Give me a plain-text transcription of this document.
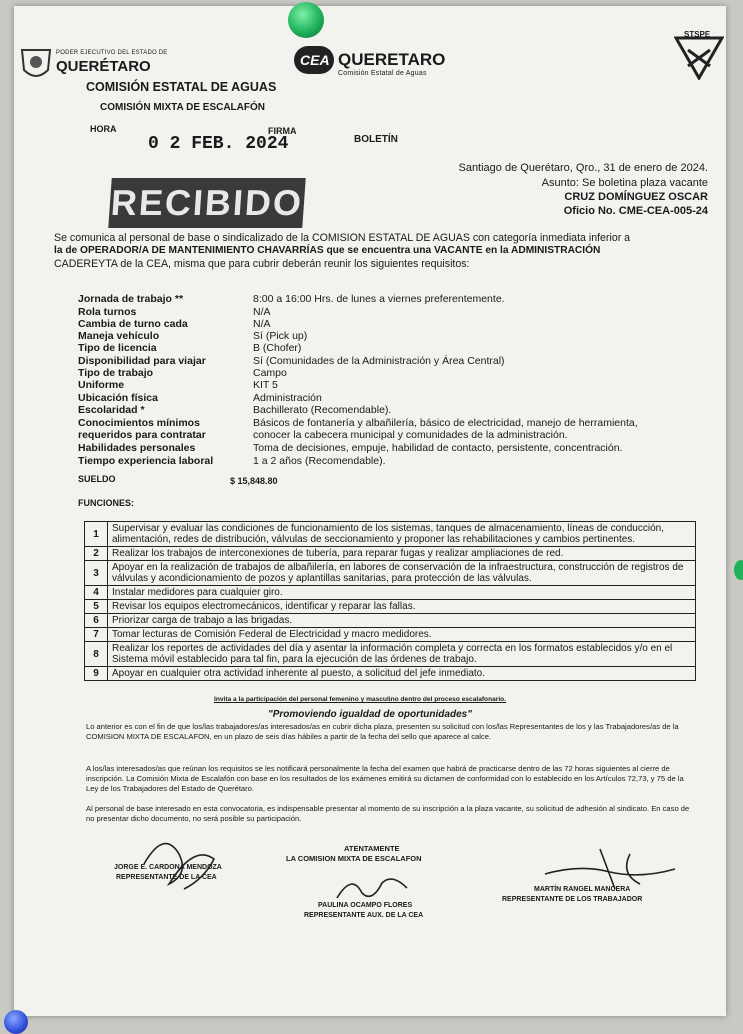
PODER EJECUTIVO DEL ESTADO DE
QUERÉTARO	CEA QUERETARO
Comisión Estatal de Aguas
STSPE
COMISIÓN ESTATAL DE AGUAS
COMISIÓN MIXTA DE ESCALAFÓN
HORA
0 2 FEB. 2024
FIRMA
BOLETÍN
RECIBIDO
Santiago de Querétaro, Qro., 31 de enero de 2024.
Asunto: Se boletina plaza vacante
CRUZ DOMÍNGUEZ OSCAR
Oficio No. CME-CEA-005-24
Se comunica al personal de base o sindicalizado de la COMISION ESTATAL DE AGUAS con categoría inmediata inferior a
la de OPERADOR/A DE MANTENIMIENTO CHAVARRÍAS que se encuentra una VACANTE en la ADMINISTRACIÓN
CADEREYTA de la CEA, misma que para cubrir deberán reunir los siguientes requisitos:
Jornada de trabajo **	8:00 a 16:00 Hrs. de lunes a viernes preferentemente.
Rola turnos	N/A
Cambia de turno cada	N/A
Maneja vehículo	Sí (Pick up)
Tipo de licencia	B (Chofer)
Disponibilidad para viajar	Sí (Comunidades de la Administración y Área Central)
Tipo de trabajo	Campo
Uniforme	KIT 5
Ubicación física	Administración
Escolaridad *	Bachillerato (Recomendable).
Conocimientos mínimos	Básicos de fontanería y albañilería, básico de electricidad, manejo de herramienta,
requeridos para contratar	conocer la cabecera municipal y comunidades de la administración.
Habilidades personales	Toma de decisiones, empuje, habilidad de contacto, persistente, concentración.
Tiempo experiencia laboral	1 a 2 años (Recomendable).
SUELDO	$ 15,848.80
FUNCIONES:
1	Supervisar y evaluar las condiciones de funcionamiento de los sistemas, tanques de almacenamiento, líneas de conducción, alimentación, redes de distribución, válvulas de seccionamiento y proponer las rehabilitaciones y cambios pertinentes.
2	Realizar los trabajos de interconexiones de tubería, para reparar fugas y realizar ampliaciones de red.
3	Apoyar en la realización de trabajos de albañilería, en labores de conservación de la infraestructura, construcción de registros de válvulas y acondicionamiento de pozos y aplantillas sanitarias, para protección de las válvulas.
4	Instalar medidores para cualquier giro.
5	Revisar los equipos electromecánicos, identificar y reparar las fallas.
6	Priorizar carga de trabajo a las brigadas.
7	Tomar lecturas de Comisión Federal de Electricidad y macro medidores.
8	Realizar los reportes de actividades del día y asentar la información completa y correcta en los formatos establecidos y/o en el Sistema móvil establecido para tal fin, para la ejecución de las órdenes de trabajo.
9	Apoyar en cualquier otra actividad inherente al puesto, a solicitud del jefe inmediato.
Invita a la participación del personal femenino y masculino dentro del proceso escalafonario.
"Promoviendo igualdad de oportunidades"
Lo anterior es con el fin de que los/las trabajadores/as interesados/as en cubrir dicha plaza, presenten su solicitud con los/las Representantes de los y las Trabajadores/as de la COMISION MIXTA DE ESCALAFON, en un plazo de seis días hábiles a partir de la fecha del sello que aparece al calce.
A los/las interesados/as que reúnan los requisitos se les notificará personalmente la fecha del examen que habrá de practicarse dentro de las 72 horas siguientes al cierre de inscripción. La Comisión Mixta de Escalafón con base en los resultados de los exámenes emitirá su dictamen de conformidad con lo establecido en los Artículos 72,73, y 75 de la Ley de los Trabajadores del Estado de Querétaro.
Al personal de base interesado en esta convocatoria, es indispensable presentar al momento de su inscripción a la plaza vacante, su solicitud de adhesión al sindicato. En caso de no presentar dicho documento, no será posible su participación.
ATENTAMENTE
LA COMISION MIXTA DE ESCALAFON
JORGE E. CARDONA MENDOZA
REPRESENTANTE DE LA CEA
PAULINA OCAMPO FLORES
REPRESENTANTE AUX. DE LA CEA
MARTÍN RANGEL MANCERA
REPRESENTANTE DE LOS TRABAJADOR
